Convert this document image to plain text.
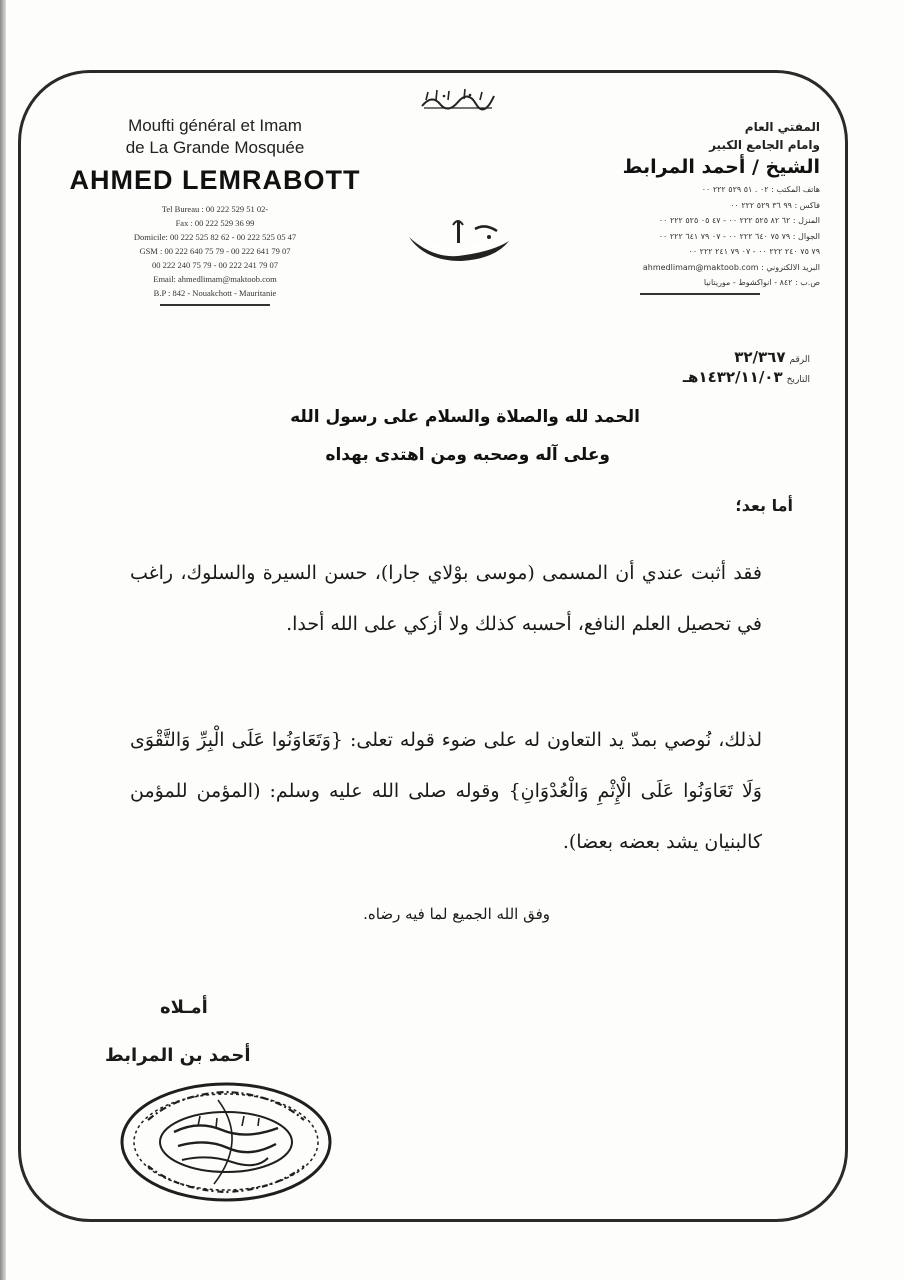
Moufti général et Imam
de La Grande Mosquée
AHMED LEMRABOTT
Tel Bureau : 00 222 529 51 02-
Fax : 00 222 529 36 99
Domicile: 00 222 525 82 62 - 00 222 525 05 47
GSM : 00 222 640 75 79 - 00 222 641 79 07
00 222 240 75 79 - 00 222 241 79 07
Email: ahmedlimam@maktoob.com
B.P : 842 - Nouakchott - Mauritanie
المفتي العام
وامام الجامع الكبير
الشيخ / أحمد المرابط
هاتف المكتب : ٠٢ . ٥١ ٥٢٩ ٢٢٢ ٠٠
فاكس : ٩٩ ٣٦ ٥٢٩ ٢٢٢ ٠٠
المنزل : ٦٢ ٨٢ ٥٢٥ ٢٢٢ ٠٠ - ٤٧ ٠٥ ٥٢٥ ٢٢٢ ٠٠
الجوال : ٧٩ ٧٥ ٦٤٠ ٢٢٢ ٠٠ - ٠٧ ٧٩ ٦٤١ ٢٢٢ ٠٠
٧٩ ٧٥ ٢٤٠ ٢٢٢ ٠٠ - ٠٧ ٧٩ ٢٤١ ٢٢٢ ٠٠
البريد الالكتروني : ahmedlimam@maktoob.com
ص.ب : ٨٤٢ - انواكشوط - موريتانيا
الرقم
٣٢/٣٦٧
التاريخ
١٤٣٢/١١/٠٣هـ
الحمد لله والصلاة والسلام على رسول الله
وعلى آله وصحبه ومن اهتدى بهداه
أما بعد؛
فقد أثبت عندي أن المسمى (موسى بوْلاي جارا)، حسن السيرة والسلوك، راغب في تحصيل العلم النافع، أحسبه كذلك ولا أزكي على الله أحدا.
لذلك، نُوصي بمدّ يد التعاون له على ضوء قوله تعلى: {وَتَعَاوَنُوا عَلَى الْبِرِّ وَالتَّقْوَى وَلَا تَعَاوَنُوا عَلَى الْإِثْمِ وَالْعُدْوَانِ} وقوله صلى الله عليه وسلم: (المؤمن للمؤمن كالبنيان يشد بعضه بعضا).
وفق الله الجميع لما فيه رضاه.
أمـلاه
أحمد بن المرابط
